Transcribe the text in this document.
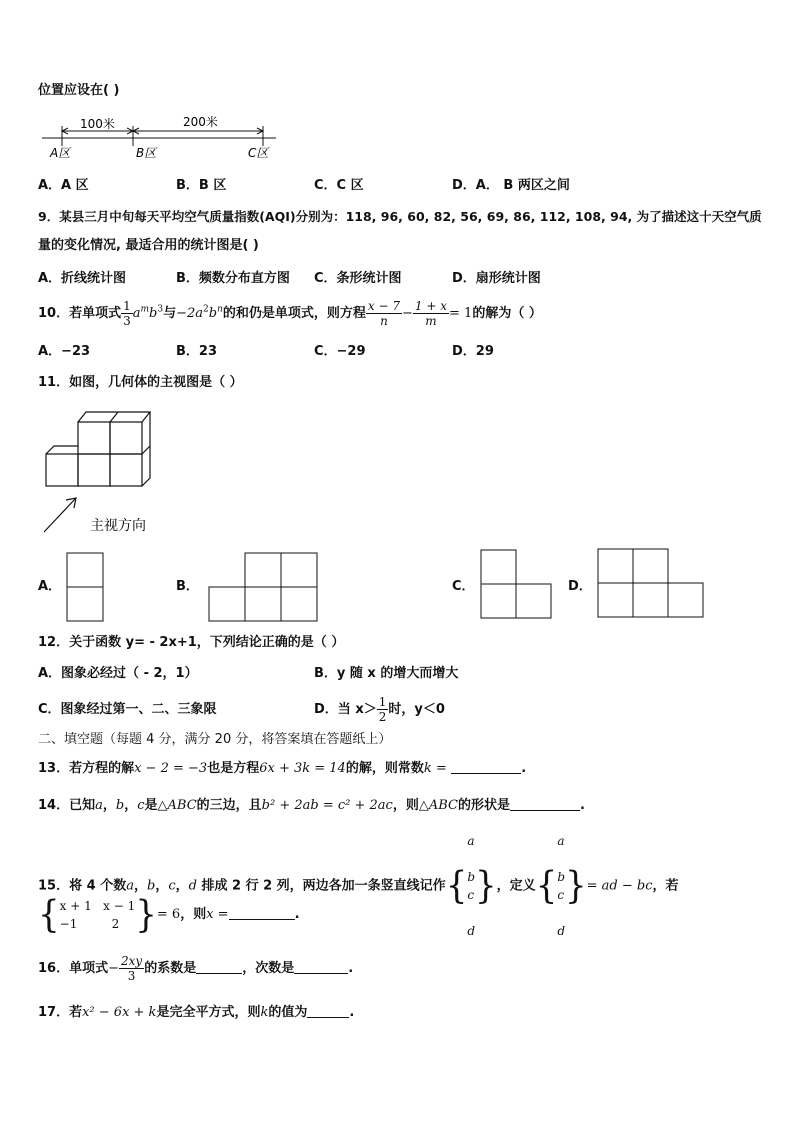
位置应设在( )
100米	200米
A区	B区	C区
主视方向
A．A 区	B．B 区	C．C 区	D．A． B 两区之间
9．某县三月中旬每天平均空气质量指数(AQI)分别为：118, 96, 60, 82, 56, 69, 86, 112, 108, 94, 为了描述这十天空气质
量的变化情况, 最适合用的统计图是( )
A．折线统计图	B．频数分布直方图 C．条形统计图	D．扇形统计图
10．若单项式 $\frac{1}{3} a^mb^3$与$-2a^2b^n$的和仍是单项式，则方程 $\frac{x - 7}{n} - \frac{1 + x}{m} = 1$的解为（ ）
A．−23	B．23	C．−29	D．29
11．如图，几何体的主视图是（ ）
A．	B．	C．	D．
12．关于函数 y= - 2x+1，下列结论正确的是（ ）
A．图象必经过（ - 2，1）	B．y 随 x 的增大而增大
C．图象经过第一、二、三象限	D．当 $x> \frac{1}{2}$ 时，y＜0
二、填空题（每题 4 分，满分 20 分，将答案填在答题纸上）
13．若方程的解x − 2 = −3也是方程6x + 3k = 14的解，则常数k =	.
14．已知a，b，c是△ABC的三边，且b² + 2ab = c² + 2ac，则△ABC的形状是	.
15．将 4 个数a，b，c，d 排成 2 行 2 列，两边各加一条竖直线记作{
a

b
c

d
}，定义{
a

b
c

d
}= ad − bc，若
{ x + 1   x − 1
−1         2 }= 6，则x =	.
16．单项式− $\frac{2xy}{3}$ 的系数是	，次数是	.
17．若x² − 6x + k是完全平方式，则k的值为	.
